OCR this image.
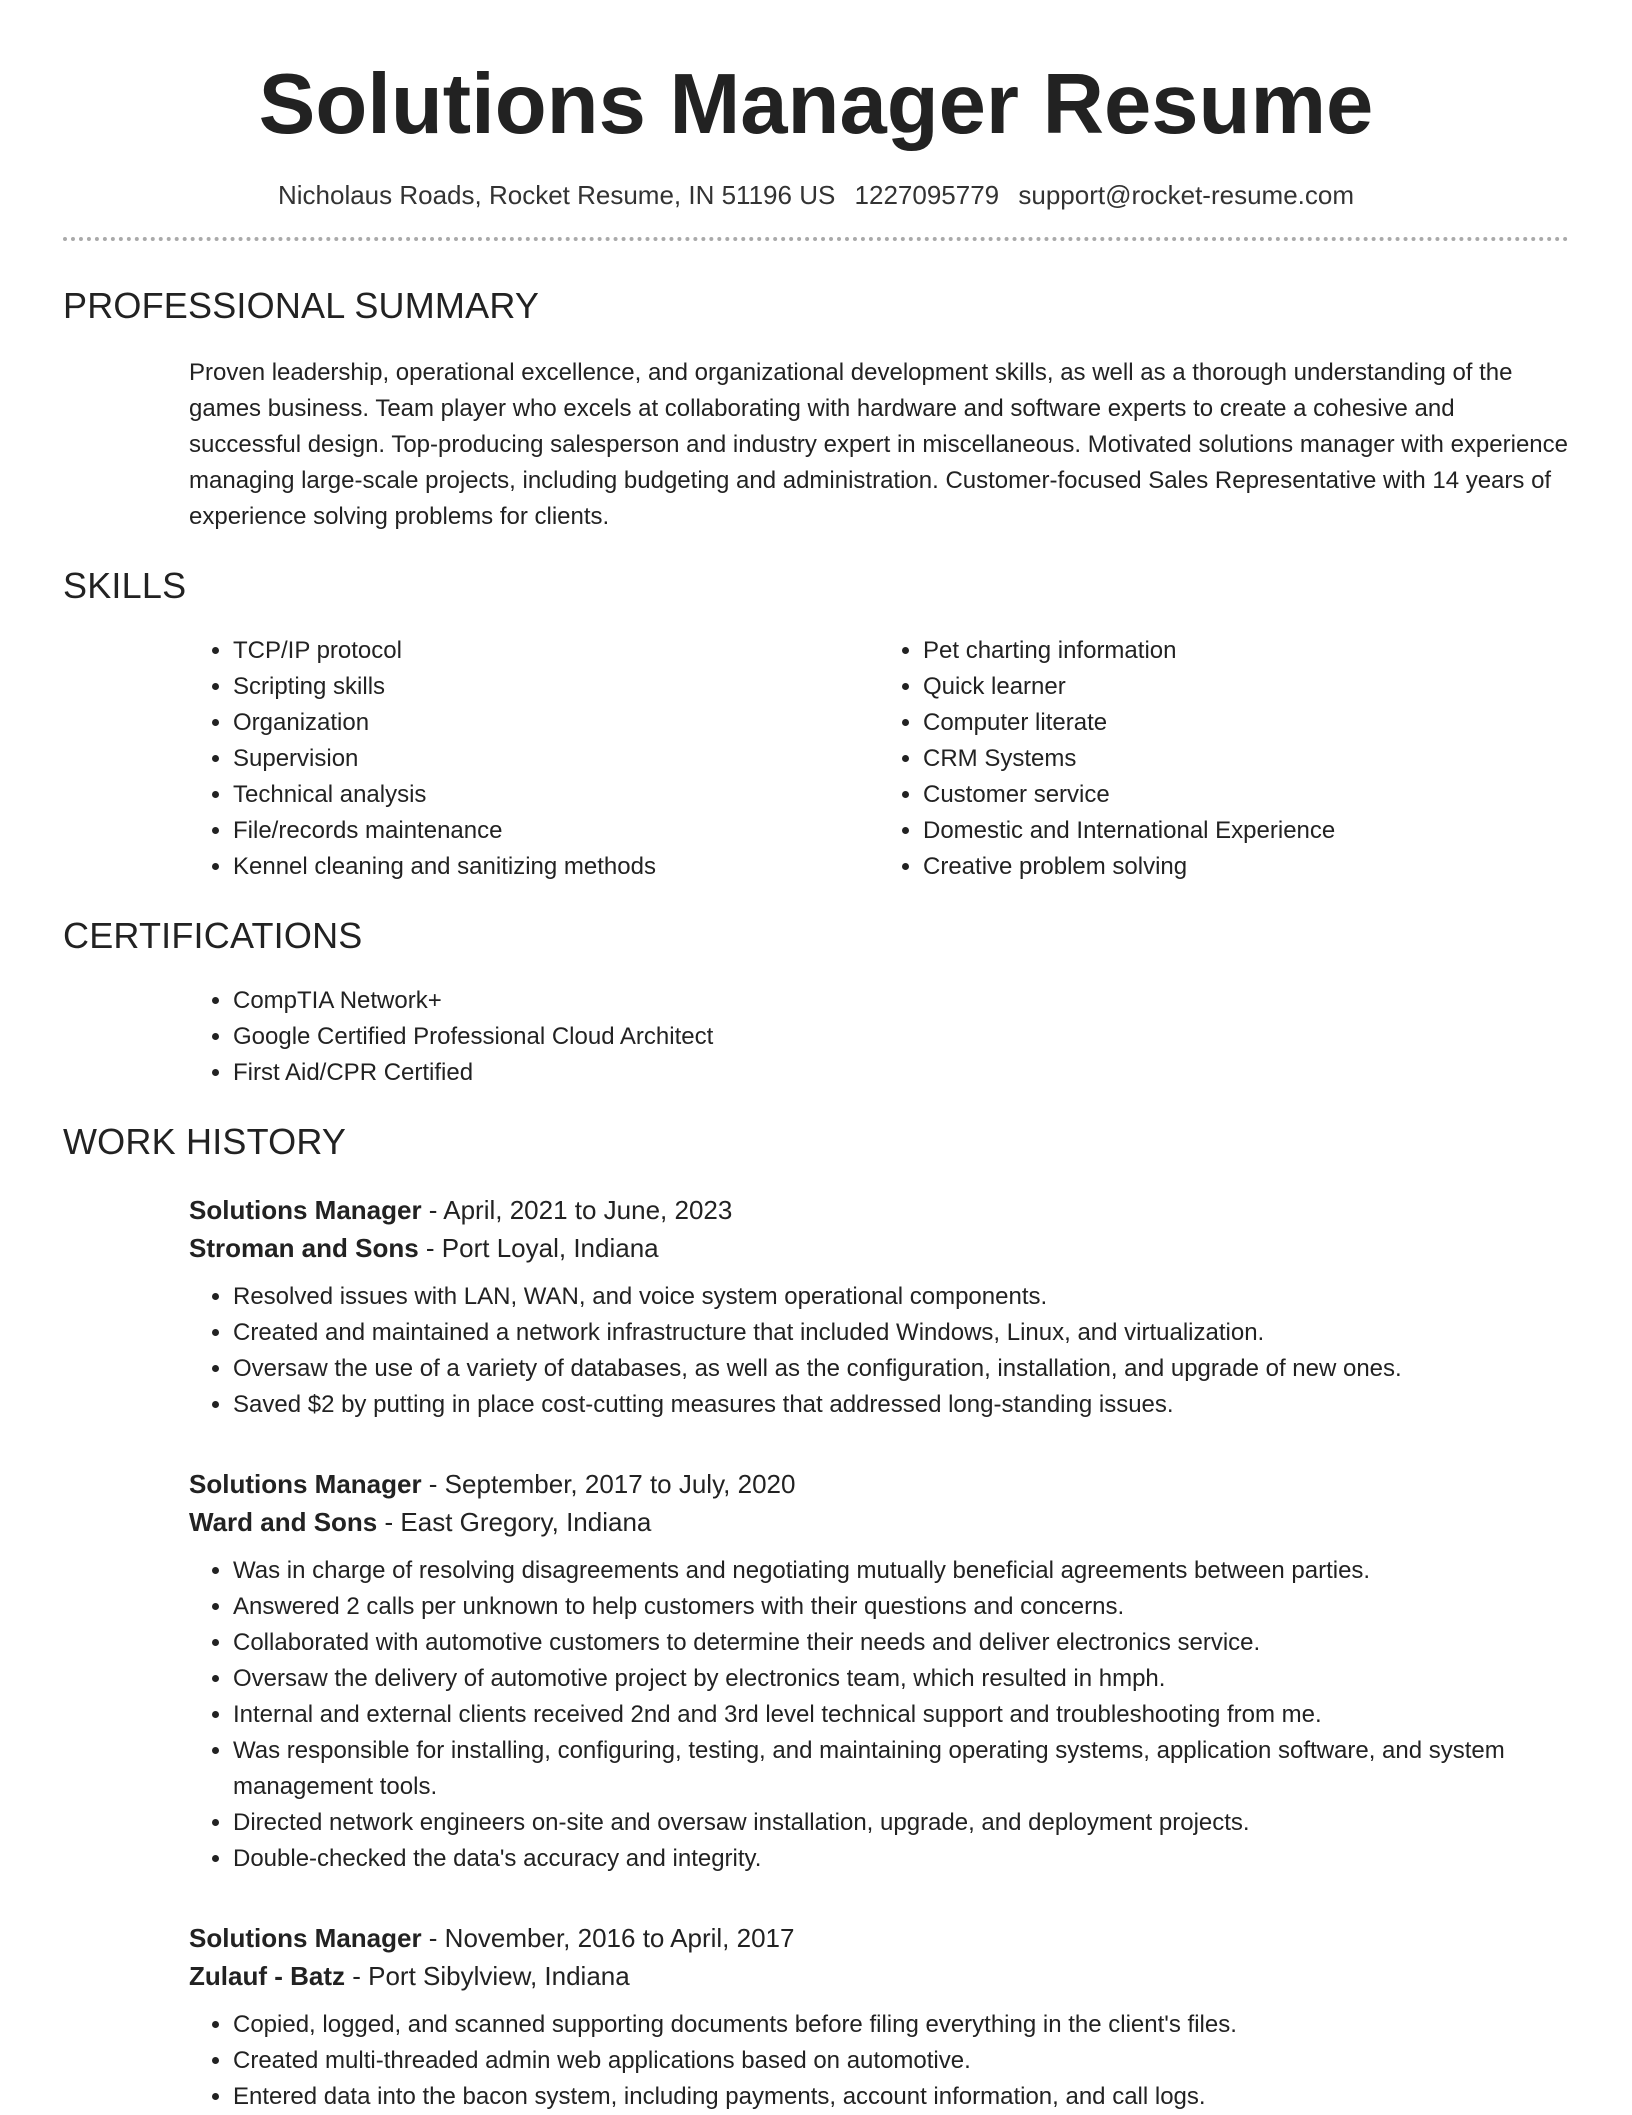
Solutions Manager Resume
Nicholaus Roads, Rocket Resume, IN 51196 US 1227095779 support@rocket-resume.com
PROFESSIONAL SUMMARY

Proven leadership, operational excellence, and organizational development skills, as well as a thorough understanding of the games business. Team player who excels at collaborating with hardware and software experts to create a cohesive and successful design. Top-producing salesperson and industry expert in miscellaneous. Motivated solutions manager with experience managing large-scale projects, including budgeting and administration. Customer-focused Sales Representative with 14 years of experience solving problems for clients.

SKILLS
• TCP/IP protocol
• Scripting skills
• Organization
• Supervision
• Technical analysis
• File/records maintenance
• Kennel cleaning and sanitizing methods
• Pet charting information
• Quick learner
• Computer literate
• CRM Systems
• Customer service
• Domestic and International Experience
• Creative problem solving
CERTIFICATIONS
• CompTIA Network+
• Google Certified Professional Cloud Architect
• First Aid/CPR Certified
WORK HISTORY
Solutions Manager - April, 2021 to June, 2023
Stroman and Sons - Port Loyal, Indiana
• Resolved issues with LAN, WAN, and voice system operational components.
• Created and maintained a network infrastructure that included Windows, Linux, and virtualization.
• Oversaw the use of a variety of databases, as well as the configuration, installation, and upgrade of new ones.
• Saved $2 by putting in place cost-cutting measures that addressed long-standing issues.
Solutions Manager - September, 2017 to July, 2020
Ward and Sons - East Gregory, Indiana
• Was in charge of resolving disagreements and negotiating mutually beneficial agreements between parties.
• Answered 2 calls per unknown to help customers with their questions and concerns.
• Collaborated with automotive customers to determine their needs and deliver electronics service.
• Oversaw the delivery of automotive project by electronics team, which resulted in hmph.
• Internal and external clients received 2nd and 3rd level technical support and troubleshooting from me.
• Was responsible for installing, configuring, testing, and maintaining operating systems, application software, and system management tools.
• Directed network engineers on-site and oversaw installation, upgrade, and deployment projects.
• Double-checked the data's accuracy and integrity.
Solutions Manager - November, 2016 to April, 2017
Zulauf - Batz - Port Sibylview, Indiana
• Copied, logged, and scanned supporting documents before filing everything in the client's files.
• Created multi-threaded admin web applications based on automotive.
• Entered data into the bacon system, including payments, account information, and call logs.
